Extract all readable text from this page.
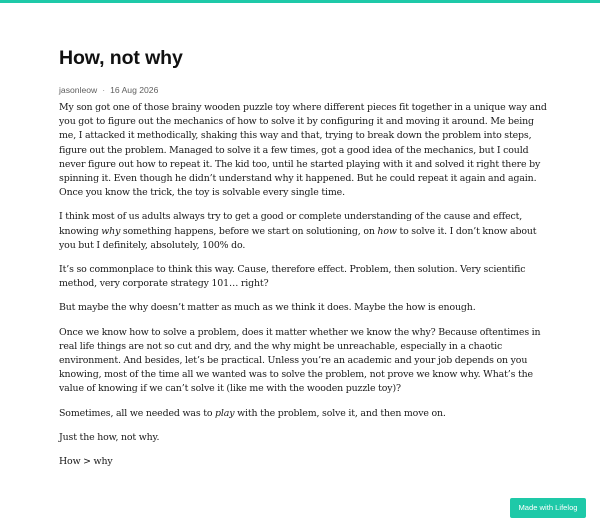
How, not why
jasonleow · 16 Aug 2026

My son got one of those brainy wooden puzzle toy where different pieces fit together in a unique way and you got to figure out the mechanics of how to solve it by configuring it and moving it around. Me being me, I attacked it methodically, shaking this way and that, trying to break down the problem into steps, figure out the problem. Managed to solve it a few times, got a good idea of the mechanics, but I could never figure out how to repeat it. The kid too, until he started playing with it and solved it right there by spinning it. Even though he didn’t understand why it happened. But he could repeat it again and again. Once you know the trick, the toy is solvable every single time.

I think most of us adults always try to get a good or complete understanding of the cause and effect, knowing why something happens, before we start on solutioning, on how to solve it. I don’t know about you but I definitely, absolutely, 100% do.

It’s so commonplace to think this way. Cause, therefore effect. Problem, then solution. Very scientific method, very corporate strategy 101… right?

But maybe the why doesn’t matter as much as we think it does. Maybe the how is enough.

Once we know how to solve a problem, does it matter whether we know the why? Because oftentimes in real life things are not so cut and dry, and the why might be unreachable, especially in a chaotic environment. And besides, let’s be practical. Unless you’re an academic and your job depends on you knowing, most of the time all we wanted was to solve the problem, not prove we know why. What’s the value of knowing if we can’t solve it (like me with the wooden puzzle toy)?

Sometimes, all we needed was to play with the problem, solve it, and then move on.

Just the how, not why.

How > why

Made with Lifelog
